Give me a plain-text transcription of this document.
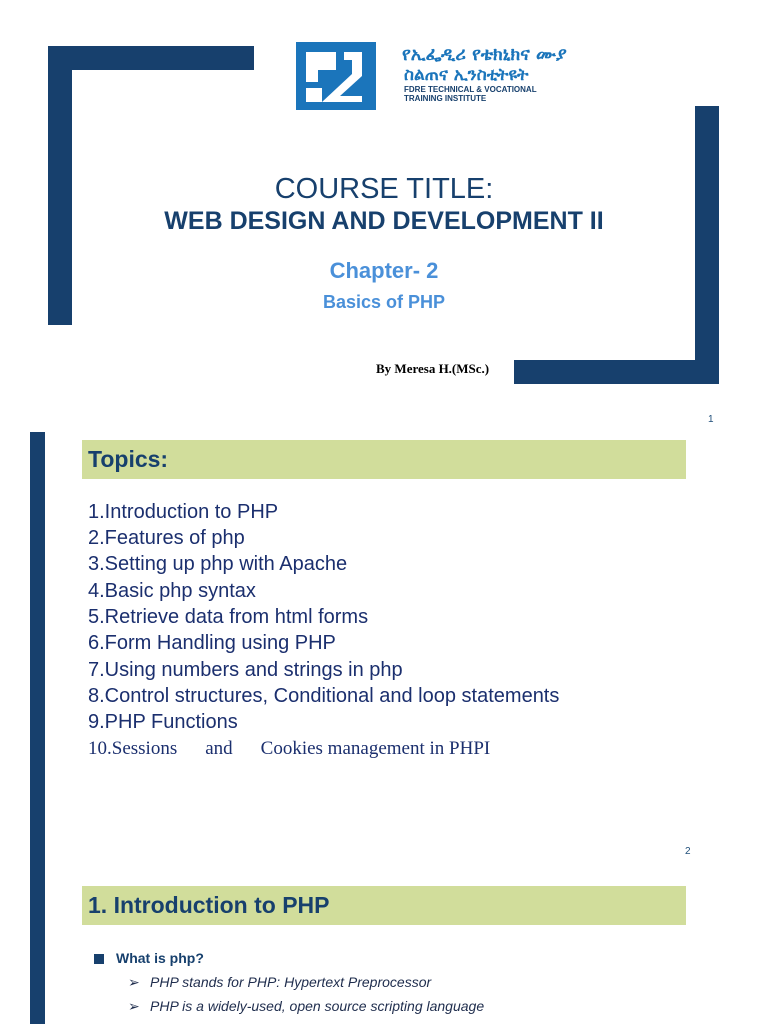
የኢፌዲሪ የቴክኒክና ሙያ
ስልጠና ኢንስቲትዩት
FDRE TECHNICAL & VOCATIONAL
TRAINING INSTITUTE
COURSE TITLE:
WEB DESIGN AND DEVELOPMENT II
Chapter- 2
Basics of PHP
By Meresa H.(MSc.)
1
Topics:
1.Introduction to PHP
2.Features of php
3.Setting up php with Apache
4.Basic php syntax
5.Retrieve data from html forms
6.Form Handling using PHP
7.Using numbers and strings in php
8.Control structures, Conditional and loop statements
9.PHP Functions
10.Sessions and Cookies management in PHPI
2
1. Introduction to PHP
What is php?
➢ PHP stands for PHP: Hypertext Preprocessor
➢ PHP is a widely-used, open source scripting language
